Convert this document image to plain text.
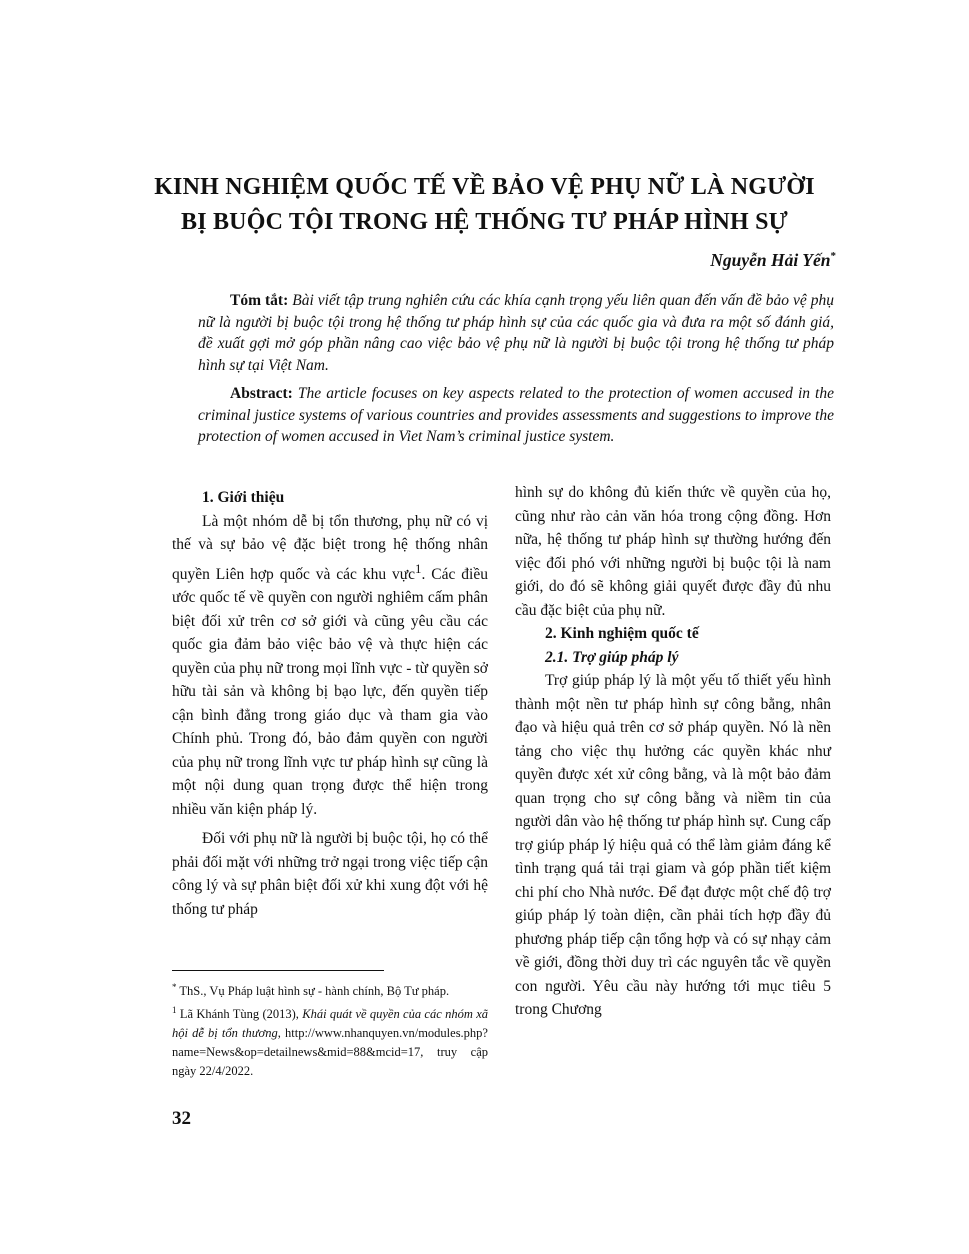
KINH NGHIỆM QUỐC TẾ VỀ BẢO VỆ PHỤ NỮ LÀ NGƯỜI
BỊ BUỘC TỘI TRONG HỆ THỐNG TƯ PHÁP HÌNH SỰ
Nguyễn Hải Yến*
Tóm tắt: Bài viết tập trung nghiên cứu các khía cạnh trọng yếu liên quan đến vấn đề bảo vệ phụ nữ là người bị buộc tội trong hệ thống tư pháp hình sự của các quốc gia và đưa ra một số đánh giá, đề xuất gợi mở góp phần nâng cao việc bảo vệ phụ nữ là người bị buộc tội trong hệ thống tư pháp hình sự tại Việt Nam.
Abstract: The article focuses on key aspects related to the protection of women accused in the criminal justice systems of various countries and provides assessments and suggestions to improve the protection of women accused in Viet Nam’s criminal justice system.
1. Giới thiệu

Là một nhóm dễ bị tổn thương, phụ nữ có vị thế và sự bảo vệ đặc biệt trong hệ thống nhân quyền Liên hợp quốc và các khu vực$^1$. Các điều ước quốc tế về quyền con người nghiêm cấm phân biệt đối xử trên cơ sở giới và cũng yêu cầu các quốc gia đảm bảo việc bảo vệ và thực hiện các quyền của phụ nữ trong mọi lĩnh vực - từ quyền sở hữu tài sản và không bị bạo lực, đến quyền tiếp cận bình đẳng trong giáo dục và tham gia vào Chính phủ. Trong đó, bảo đảm quyền con người của phụ nữ trong lĩnh vực tư pháp hình sự cũng là một nội dung quan trọng được thể hiện trong nhiều văn kiện pháp lý.

Đối với phụ nữ là người bị buộc tội, họ có thể phải đối mặt với những trở ngại trong việc tiếp cận công lý và sự phân biệt đối xử khi xung đột với hệ thống tư pháp

hình sự do không đủ kiến thức về quyền của họ, cũng như rào cản văn hóa trong cộng đồng. Hơn nữa, hệ thống tư pháp hình sự thường hướng đến việc đối phó với những người bị buộc tội là nam giới, do đó sẽ không giải quyết được đầy đủ nhu cầu đặc biệt của phụ nữ.

2. Kinh nghiệm quốc tế
2.1. Trợ giúp pháp lý

Trợ giúp pháp lý là một yếu tố thiết yếu hình thành một nền tư pháp hình sự công bằng, nhân đạo và hiệu quả trên cơ sở pháp quyền. Nó là nền tảng cho việc thụ hưởng các quyền khác như quyền được xét xử công bằng, và là một bảo đảm quan trọng cho sự công bằng và niềm tin của người dân vào hệ thống tư pháp hình sự. Cung cấp trợ giúp pháp lý hiệu quả có thể làm giảm đáng kể tình trạng quá tải trại giam và góp phần tiết kiệm chi phí cho Nhà nước. Để đạt được một chế độ trợ giúp pháp lý toàn diện, cần phải tích hợp đầy đủ phương pháp tiếp cận tổng hợp và có sự nhạy cảm về giới, đồng thời duy trì các nguyên tắc về quyền con người. Yêu cầu này hướng tới mục tiêu 5 trong Chương

* ThS., Vụ Pháp luật hình sự - hành chính, Bộ Tư pháp.

$^1$ Lã Khánh Tùng (2013), Khái quát về quyền của các nhóm xã hội dễ bị tổn thương, http://www.nhanquyen.vn/modules.php?name=News&op=detailnews&mid=88&mcid=17, truy cập ngày 22/4/2022.

32
